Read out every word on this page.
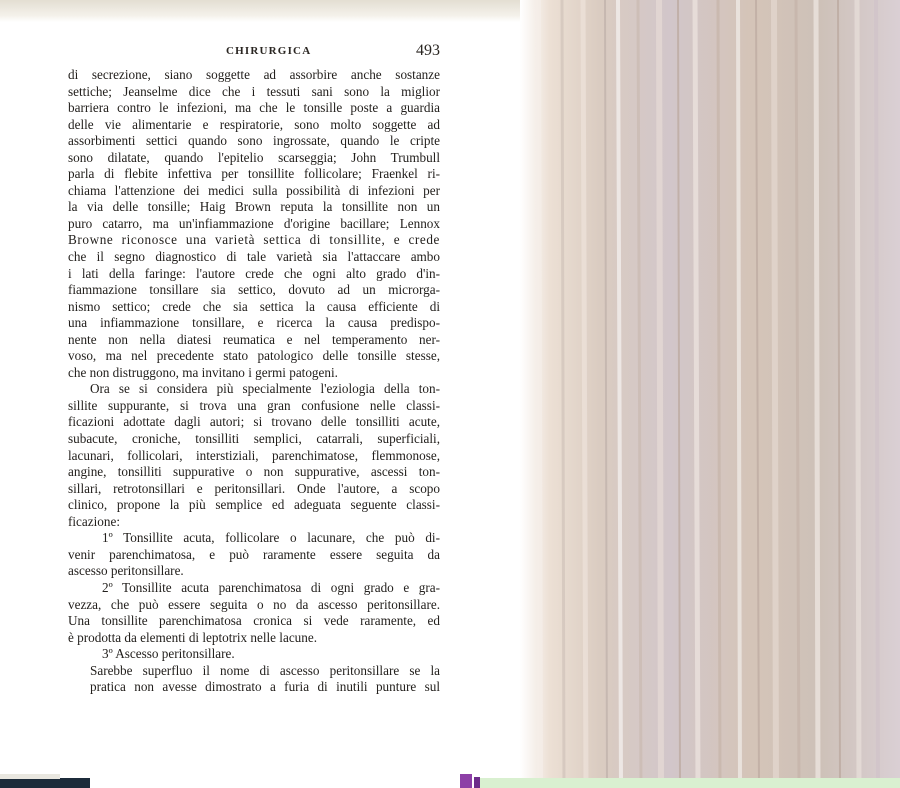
CHIRURGICA	493
di secrezione, siano soggette ad assorbire anche sostanze
settiche; Jeanselme dice che i tessuti sani sono la miglior
barriera contro le infezioni, ma che le tonsille poste a guardia
delle vie alimentarie e respiratorie, sono molto soggette ad
assorbimenti settici quando sono ingrossate, quando le cripte
sono dilatate, quando l'epitelio scarseggia; John Trumbull
parla di flebite infettiva per tonsillite follicolare; Fraenkel ri-
chiama l'attenzione dei medici sulla possibilità di infezioni per
la via delle tonsille; Haig Brown reputa la tonsillite non un
puro catarro, ma un'infiammazione d'origine bacillare; Lennox
Browne riconosce una varietà settica di tonsillite, e crede
che il segno diagnostico di tale varietà sia l'attaccare ambo
i lati della faringe: l'autore crede che ogni alto grado d'in-
fiammazione tonsillare sia settico, dovuto ad un microrga-
nismo settico; crede che sia settica la causa efficiente di
una infiammazione tonsillare, e ricerca la causa predispo-
nente non nella diatesi reumatica e nel temperamento ner-
voso, ma nel precedente stato patologico delle tonsille stesse,
che non distruggono, ma invitano i germi patogeni.
Ora se si considera più specialmente l'eziologia della ton-
sillite suppurante, si trova una gran confusione nelle classi-
ficazioni adottate dagli autori; si trovano delle tonsilliti acute,
subacute, croniche, tonsilliti semplici, catarrali, superficiali,
lacunari, follicolari, interstiziali, parenchimatose, flemmonose,
angine, tonsilliti suppurative o non suppurative, ascessi ton-
sillari, retrotonsillari e peritonsillari. Onde l'autore, a scopo
clinico, propone la più semplice ed adeguata seguente classi-
ficazione:
1º Tonsillite acuta, follicolare o lacunare, che può di-
venir parenchimatosa, e può raramente essere seguita da
ascesso peritonsillare.
2º Tonsillite acuta parenchimatosa di ogni grado e gra-
vezza, che può essere seguita o no da ascesso peritonsillare.
Una tonsillite parenchimatosa cronica si vede raramente, ed
è prodotta da elementi di leptotrix nelle lacune.
3º Ascesso peritonsillare.
Sarebbe superfluo il nome di ascesso peritonsillare se la
pratica non avesse dimostrato a furia di inutili punture sul
